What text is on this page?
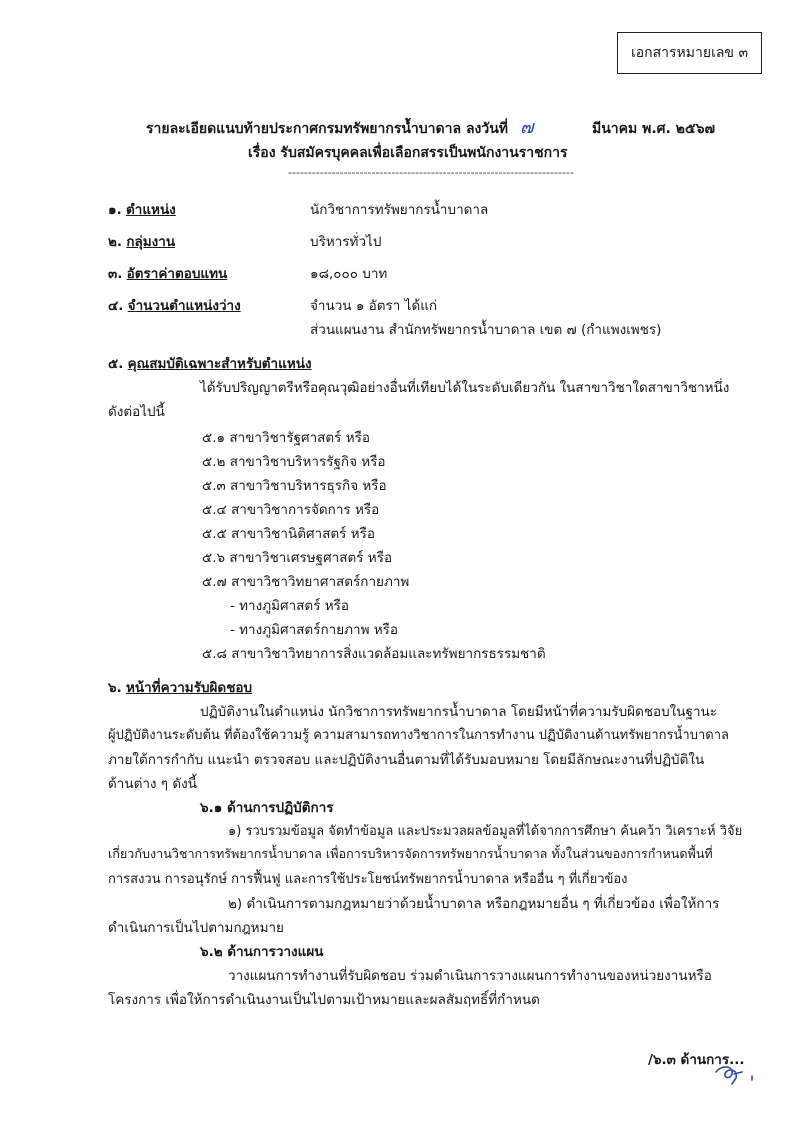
เอกสารหมายเลข ๓
รายละเอียดแนบท้ายประกาศกรมทรัพยากรน้ำบาดาล ลงวันที่ ๗	มีนาคม พ.ศ. ๒๕๖๗
เรื่อง รับสมัครบุคคลเพื่อเลือกสรรเป็นพนักงานราชการ
------------------------------------------------------------------------
๑. ตำแหน่ง	นักวิชาการทรัพยากรน้ำบาดาล
๒. กลุ่มงาน	บริหารทั่วไป
๓. อัตราค่าตอบแทน	๑๘,๐๐๐ บาท
๔. จำนวนตำแหน่งว่าง	จำนวน ๑ อัตรา ได้แก่
ส่วนแผนงาน สำนักทรัพยากรน้ำบาดาล เขต ๗ (กำแพงเพชร)
๕. คุณสมบัติเฉพาะสำหรับตำแหน่ง
ได้รับปริญญาตรีหรือคุณวุฒิอย่างอื่นที่เทียบได้ในระดับเดียวกัน ในสาขาวิชาใดสาขาวิชาหนึ่ง
ดังต่อไปนี้
๕.๑ สาขาวิชารัฐศาสตร์ หรือ
๕.๒ สาขาวิชาบริหารรัฐกิจ หรือ
๕.๓ สาขาวิชาบริหารธุรกิจ หรือ
๕.๔ สาขาวิชาการจัดการ หรือ
๕.๕ สาขาวิชานิติศาสตร์ หรือ
๕.๖ สาขาวิชาเศรษฐศาสตร์ หรือ
๕.๗ สาขาวิชาวิทยาศาสตร์กายภาพ
- ทางภูมิศาสตร์ หรือ
- ทางภูมิศาสตร์กายภาพ หรือ
๕.๘ สาขาวิชาวิทยาการสิ่งแวดล้อมและทรัพยากรธรรมชาติ
๖. หน้าที่ความรับผิดชอบ
ปฏิบัติงานในตำแหน่ง นักวิชาการทรัพยากรน้ำบาดาล โดยมีหน้าที่ความรับผิดชอบในฐานะ
ผู้ปฏิบัติงานระดับต้น ที่ต้องใช้ความรู้ ความสามารถทางวิชาการในการทำงาน ปฏิบัติงานด้านทรัพยากรน้ำบาดาล
ภายใต้การกำกับ แนะนำ ตรวจสอบ และปฏิบัติงานอื่นตามที่ได้รับมอบหมาย โดยมีลักษณะงานที่ปฏิบัติใน
ด้านต่าง ๆ ดังนี้
๖.๑ ด้านการปฏิบัติการ
๑) รวบรวมข้อมูล จัดทำข้อมูล และประมวลผลข้อมูลที่ได้จากการศึกษา ค้นคว้า วิเคราะห์ วิจัย
เกี่ยวกับงานวิชาการทรัพยากรน้ำบาดาล เพื่อการบริหารจัดการทรัพยากรน้ำบาดาล ทั้งในส่วนของการกำหนดพื้นที่
การสงวน การอนุรักษ์ การฟื้นฟู และการใช้ประโยชน์ทรัพยากรน้ำบาดาล หรืออื่น ๆ ที่เกี่ยวข้อง
๒) ดำเนินการตามกฎหมายว่าด้วยน้ำบาดาล หรือกฎหมายอื่น ๆ ที่เกี่ยวข้อง เพื่อให้การ
ดำเนินการเป็นไปตามกฎหมาย
๖.๒ ด้านการวางแผน
วางแผนการทำงานที่รับผิดชอบ ร่วมดำเนินการวางแผนการทำงานของหน่วยงานหรือ
โครงการ เพื่อให้การดำเนินงานเป็นไปตามเป้าหมายและผลสัมฤทธิ์ที่กำหนด
/๖.๓ ด้านการ...
